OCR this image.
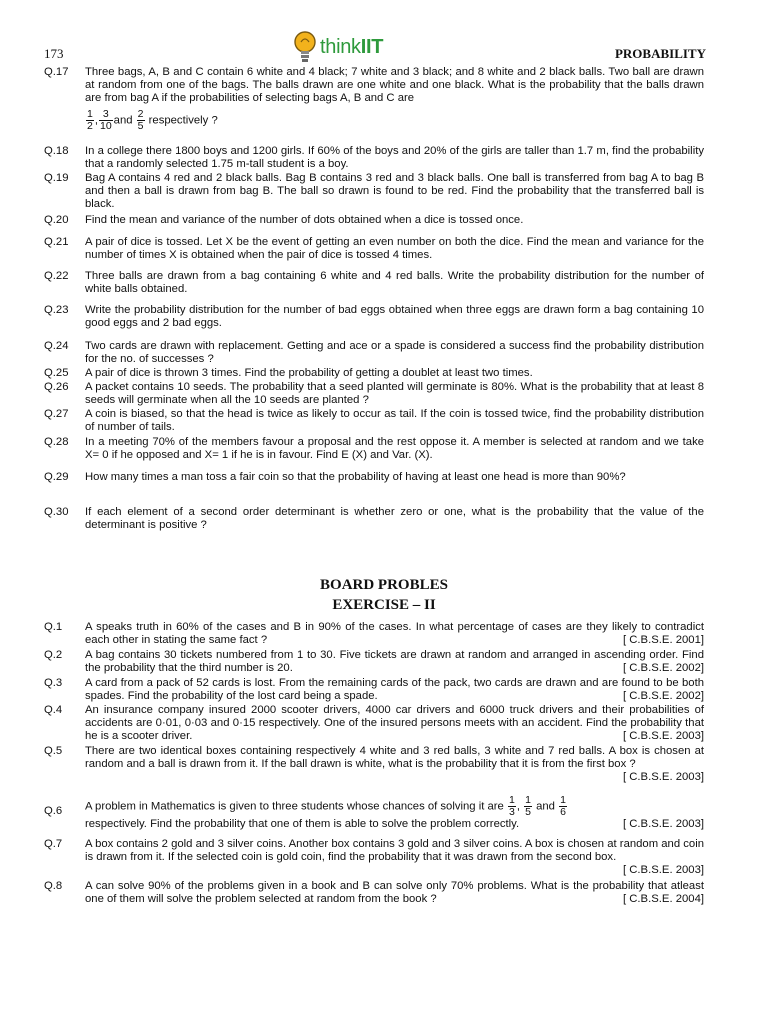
173	thinkIIT	PROBABILITY
Q.17	Three bags, A, B and C contain 6 white and 4 black; 7 white and 3 black; and 8 white and 2 black balls. Two ball are drawn at random from one of the bags. The balls drawn are one white and one black. What is the probability that the balls drawn are from bag A if the probabilities of selecting bags A, B and C are
$\frac{1}{2}$ , $\frac{3}{10}$ and $\frac{2}{5}$ respectively ?
Q.18	In a college there 1800 boys and 1200 girls. If 60% of the boys and 20% of the girls are taller than 1.7 m, find the probability that a randomly selected 1.75 m-tall student is a boy.
Q.19	Bag A contains 4 red and 2 black balls. Bag B contains 3 red and 3 black balls. One ball is transferred from bag A to bag B and then a ball is drawn from bag B. The ball so drawn is found to be red. Find the probability that the transferred ball is black.
Q.20	Find the mean and variance of the number of dots obtained when a dice is tossed once.
Q.21	A pair of dice is tossed. Let X be the event of getting an even number on both the dice. Find the mean and variance for the number of times X is obtained when the pair of dice is tossed 4 times.
Q.22	Three balls are drawn from a bag containing 6 white and 4 red balls. Write the probability distribution for the number of white balls obtained.
Q.23	Write the probability distribution for the number of bad eggs obtained when three eggs are drawn form a bag containing 10 good eggs and 2 bad eggs.
Q.24	Two cards are drawn with replacement. Getting and ace or a spade is considered a success find the probability distribution for the no. of successes ?
Q.25	A pair of dice is thrown 3 times. Find the probability of getting a doublet at least two times.
Q.26	A packet contains 10 seeds. The probability that a seed planted will germinate is 80%. What is the probability that at least 8 seeds will germinate when all the 10 seeds are planted ?
Q.27	A coin is biased, so that the head is twice as likely to occur as tail. If the coin is tossed twice, find the probability distribution of number of tails.
Q.28	In a meeting 70% of the members favour a proposal and the rest oppose it. A member is selected at random and we take X= 0 if he opposed and X= 1 if he is in favour. Find E (X) and Var. (X).
Q.29	How many times a man toss a fair coin so that the probability of having at least one head is more than 90%?
Q.30	If each element of a second order determinant is whether zero or one, what is the probability that the value of the determinant is positive ?
BOARD PROBLES
EXERCISE – II
Q.1	A speaks truth in 60% of the cases and B in 90% of the cases. In what percentage of cases are they likely to contradict each other in stating the same fact ?	[ C.B.S.E. 2001]
Q.2	A bag contains 30 tickets numbered from 1 to 30. Five tickets are drawn at random and arranged in ascending order. Find the probability that the third number is 20.	[ C.B.S.E. 2002]
Q.3	A card from a pack of 52 cards is lost. From the remaining cards of the pack, two cards are drawn and are found to be both spades. Find the probability of the lost card being a spade.	[ C.B.S.E. 2002]
Q.4	An insurance company insured 2000 scooter drivers, 4000 car drivers and 6000 truck drivers and their probabilities of accidents are 0·01, 0·03 and 0·15 respectively. One of the insured persons meets with an accident. Find the probability that he is a scooter driver.	[ C.B.S.E. 2003]
Q.5	There are two identical boxes containing respectively 4 white and 3 red balls, 3 white and 7 red balls. A box is chosen at random and a ball is drawn from it. If the ball drawn is white, what is the probability that it is from the first box ?
[ C.B.S.E. 2003]
Q.6	A problem in Mathematics is given to three students whose chances of solving it are $\frac{1}{3}$ , $\frac{1}{5}$ and $\frac{1}{6}$

respectively. Find the probability that one of them is able to solve the problem correctly.	[ C.B.S.E. 2003]
Q.7	A box contains 2 gold and 3 silver coins. Another box contains 3 gold and 3 silver coins. A box is chosen at random and coin is drawn from it. If the selected coin is gold coin, find the probability that it was drawn from the second box.
[ C.B.S.E. 2003]
Q.8	A can solve 90% of the problems given in a book and B can solve only 70% problems. What is the probability that atleast one of them will solve the problem selected at random from the book ?	[ C.B.S.E. 2004]
